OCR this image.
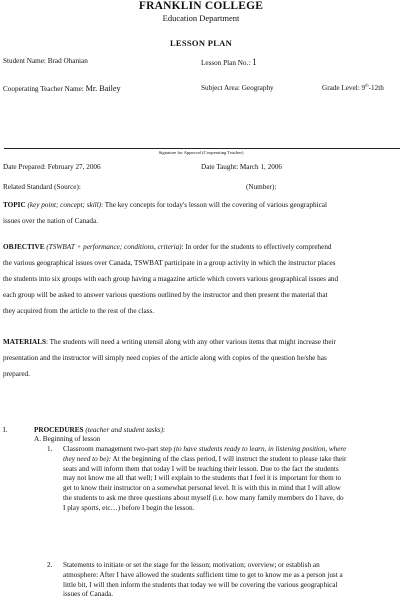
FRANKLIN COLLEGE
Education Department
LESSON PLAN
Student Name: Brad Ohanian	Lesson Plan No.: 1
Cooperating Teacher Name: Mr. Bailey	Subject Area: Geography	Grade Level: 9th-12th
Signature for Approval (Cooperating Teacher)
Date Prepared: February 27, 2006	Date Taught: March 1, 2006
Related Standard (Source):	(Number):
TOPIC (key point; concept; skill): The key concepts for today's lesson will the covering of various geographical
issues over the nation of Canada.
OBJECTIVE (TSWBAT + performance; conditions, criteria): In order for the students to effectively comprehend
the various geographical issues over Canada, TSWBAT participate in a group activity in which the instructor places
the students into six groups with each group having a magazine article which covers various geographical issues and
each group will be asked to answer various questions outlined by the instructor and then present the material that
they acquired from the article to the rest of the class.
MATERIALS: The students will need a writing utensil along with any other various items that might increase their
presentation and the instructor will simply need copies of the article along with copies of the question he/she has
prepared.
I.	PROCEDURES (teacher and student tasks):
A. Beginning of lesson
1. Classroom management two-part step (to have students ready to learn, in listening position, where
they need to be): At the beginning of the class period, I will instruct the student to please take their
seats and will inform them that today I will be teaching their lesson. Due to the fact the students
may not know me all that well; I will explain to the students that I feel it is important for them to
get to know their instructor on a somewhat personal level. It is with this in mind that I will allow
the students to ask me three questions about myself (i.e. how many family members do I have, do
I play sports, etc…) before I begin the lesson.
2. Statements to initiate or set the stage for the lesson; motivation; overview; or establish an
atmosphere: After I have allowed the students sufficient time to get to know me as a person just a
little bit, I will then inform the students that today we will be covering the various geographical
issues of Canada.
